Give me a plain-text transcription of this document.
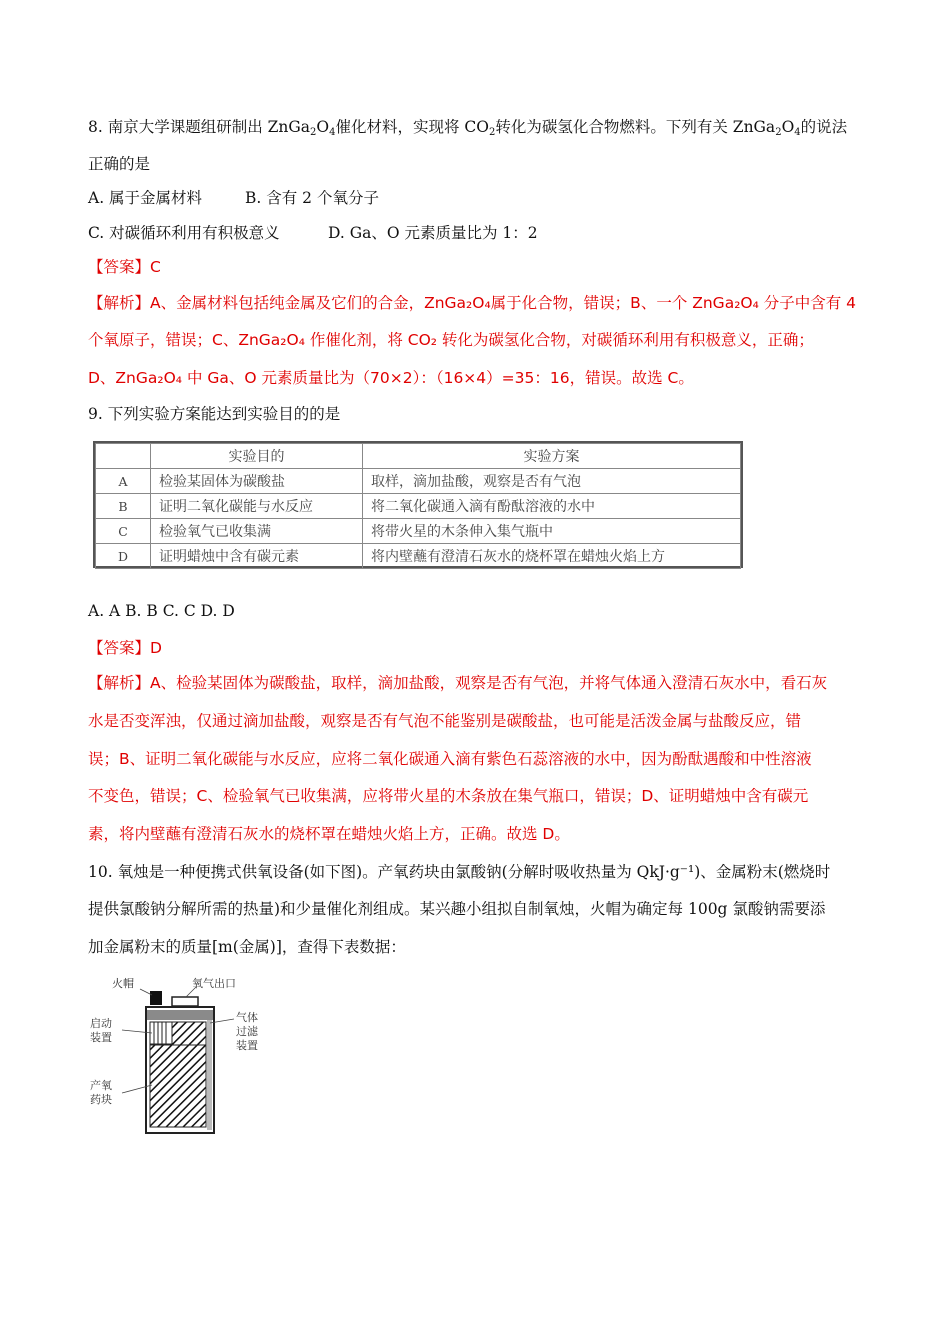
8. 南京大学课题组研制出 $ZnGa_2O_4$催化材料，实现将 $CO_2$转化为碳氢化合物燃料。下列有关 $ZnGa_2O_4$的说法
正确的是
A. 属于金属材料	B. 含有 2 个氧分子
C. 对碳循环利用有积极意义	D. Ga、O 元素质量比为 1：2
【答案】C
【解析】A、金属材料包括纯金属及它们的合金，ZnGa₂O₄属于化合物，错误；B、一个 ZnGa₂O₄ 分子中含有 4
个氧原子，错误；C、ZnGa₂O₄ 作催化剂，将 CO₂ 转化为碳氢化合物，对碳循环利用有积极意义，正确；
D、ZnGa₂O₄ 中 Ga、O 元素质量比为（70×2）：（16×4）=35：16，错误。故选 C。
9. 下列实验方案能达到实验目的的是
	实验目的	实验方案
A	检验某固体为碳酸盐	取样，滴加盐酸，观察是否有气泡
B	证明二氧化碳能与水反应	将二氧化碳通入滴有酚酞溶液的水中
C	检验氧气已收集满	将带火星的木条伸入集气瓶中
D	证明蜡烛中含有碳元素	将内壁蘸有澄清石灰水的烧杯罩在蜡烛火焰上方
A. A B. B C. C D. D
【答案】D
【解析】A、检验某固体为碳酸盐，取样，滴加盐酸，观察是否有气泡，并将气体通入澄清石灰水中，看石灰
水是否变浑浊，仅通过滴加盐酸，观察是否有气泡不能鉴别是碳酸盐，也可能是活泼金属与盐酸反应，错
误；B、证明二氧化碳能与水反应，应将二氧化碳通入滴有紫色石蕊溶液的水中，因为酚酞遇酸和中性溶液
不变色，错误；C、检验氧气已收集满，应将带火星的木条放在集气瓶口，错误；D、证明蜡烛中含有碳元
素，将内壁蘸有澄清石灰水的烧杯罩在蜡烛火焰上方，正确。故选 D。
10. 氧烛是一种便携式供氧设备(如下图)。产氧药块由氯酸钠(分解时吸收热量为 QkJ·g⁻¹)、金属粉末(燃烧时
提供氯酸钠分解所需的热量)和少量催化剂组成。某兴趣小组拟自制氧烛，火帽为确定每 100g 氯酸钠需要添
加金属粉末的质量[m(金属)]，查得下表数据：
火帽	氧气出口
启动
装置
气体
过滤
装置
产氧
药块
